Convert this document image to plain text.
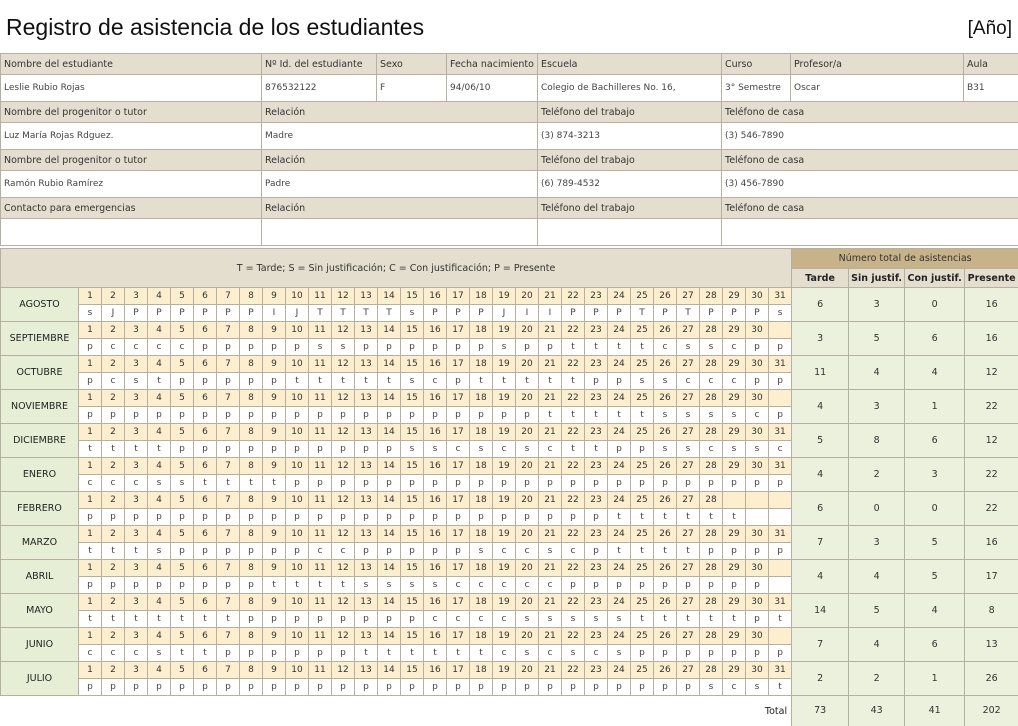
Registro de asistencia de los estudiantes	[Año]
Nombre del estudiante	Nº Id. del estudiante	Sexo	Fecha nacimiento	Escuela	Curso	Profesor/a	Aula
Leslie Rubio Rojas	876532122	F	94/06/10	Colegio de Bachilleres No. 16,	3° Semestre	Oscar	B31
Nombre del progenitor o tutor	Relación			Teléfono del trabajo	Teléfono de casa		
Luz María Rojas Rdguez.	Madre			(3) 874-3213	(3) 546-7890		
Nombre del progenitor o tutor	Relación			Teléfono del trabajo	Teléfono de casa		
Ramón Rubio Ramírez	Padre			(6) 789-4532	(3) 456-7890		
Contacto para emergencias	Relación			Teléfono del trabajo	Teléfono de casa		

T = Tarde; S = Sin justificación; C = Con justificación; P = Presente																																Número total de asistencias			
																																Tarde	Sin justif.	Con justif.	Presente
AGOSTO	1	2	3	4	5	6	7	8	9	10	11	12	13	14	15	16	17	18	19	20	21	22	23	24	25	26	27	28	29	30	31	6	3	0	16
	s	J	P	P	P	P	P	P	I	J	T	T	T	T	s	P	P	P	J	I	I	P	P	P	T	P	T	P	P	P	s				
SEPTIEMBRE	1	2	3	4	5	6	7	8	9	10	11	12	13	14	15	16	17	18	19	20	21	22	23	24	25	26	27	28	29	30		3	5	6	16
	p	c	c	c	c	p	p	p	p	p	s	s	p	p	p	p	p	p	s	p	p	t	t	t	t	c	s	s	c	p	p				
OCTUBRE	1	2	3	4	5	6	7	8	9	10	11	12	13	14	15	16	17	18	19	20	21	22	23	24	25	26	27	28	29	30	31	11	4	4	12
	p	c	s	t	p	p	p	p	p	t	t	t	t	t	s	c	p	t	t	t	t	t	p	p	s	s	c	c	c	p	p				
NOVIEMBRE	1	2	3	4	5	6	7	8	9	10	11	12	13	14	15	16	17	18	19	20	21	22	23	24	25	26	27	28	29	30		4	3	1	22
	p	p	p	p	p	p	p	p	p	p	p	p	p	p	p	p	p	p	p	p	t	t	t	t	t	s	s	s	s	c	p				
DICIEMBRE	1	2	3	4	5	6	7	8	9	10	11	12	13	14	15	16	17	18	19	20	21	22	23	24	25	26	27	28	29	30	31	5	8	6	12
	t	t	t	t	p	p	p	p	p	p	p	p	p	p	s	s	c	s	c	s	c	t	t	p	p	s	s	c	s	s	c				
ENERO	1	2	3	4	5	6	7	8	9	10	11	12	13	14	15	16	17	18	19	20	21	22	23	24	25	26	27	28	29	30	31	4	2	3	22
	c	c	c	s	s	t	t	t	t	p	p	p	p	p	p	p	p	p	p	p	p	p	p	p	p	p	p	p	p	p	p				
FEBRERO	1	2	3	4	5	6	7	8	9	10	11	12	13	14	15	16	17	18	19	20	21	22	23	24	25	26	27	28				6	0	0	22
	p	p	p	p	p	p	p	p	p	p	p	p	p	p	p	p	p	p	p	p	p	p	p	t	t	t	t	t	t						
MARZO	1	2	3	4	5	6	7	8	9	10	11	12	13	14	15	16	17	18	19	20	21	22	23	24	25	26	27	28	29	30	31	7	3	5	16
	t	t	t	s	p	p	p	p	p	p	c	c	p	p	p	p	p	s	c	c	s	c	p	t	t	t	t	p	p	p	p				
ABRIL	1	2	3	4	5	6	7	8	9	10	11	12	13	14	15	16	17	18	19	20	21	22	23	24	25	26	27	28	29	30		4	4	5	17
	p	p	p	p	p	p	p	p	t	t	t	t	s	s	s	s	c	c	c	c	c	p	p	p	p	p	p	p	p	p					
MAYO	1	2	3	4	5	6	7	8	9	10	11	12	13	14	15	16	17	18	19	20	21	22	23	24	25	26	27	28	29	30	31	14	5	4	8
	t	t	t	t	t	t	t	p	p	p	p	p	p	p	p	c	c	c	c	s	s	s	s	s	t	t	t	t	t	p	t				
JUNIO	1	2	3	4	5	6	7	8	9	10	11	12	13	14	15	16	17	18	19	20	21	22	23	24	25	26	27	28	29	30		7	4	6	13
	c	c	c	s	t	t	p	p	p	p	p	p	t	t	t	t	t	t	c	s	c	s	c	s	p	p	p	p	p	p	p				
JULIO	1	2	3	4	5	6	7	8	9	10	11	12	13	14	15	16	17	18	19	20	21	22	23	24	25	26	27	28	29	30	31	2	2	1	26
	p	p	p	p	p	p	p	p	p	p	p	p	p	p	p	p	p	p	p	p	p	p	p	p	p	p	p	s	c	s	t				
Total																																73	43	41	202
